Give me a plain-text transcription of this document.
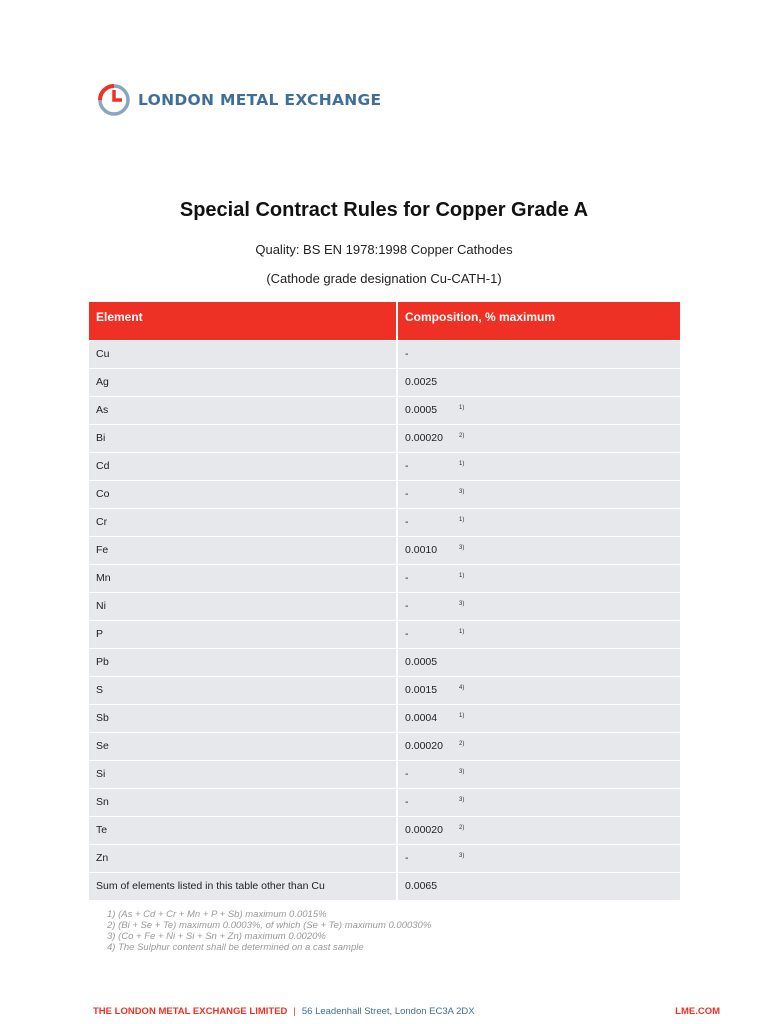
LONDON METAL EXCHANGE
Special Contract Rules for Copper Grade A
Quality: BS EN 1978:1998 Copper Cathodes
(Cathode grade designation Cu-CATH-1)
Element	Composition, % maximum
Cu	-
Ag	0.0025
As	0.0005 $^{1)}$
Bi	0.00020 $^{2)}$
Cd	- $^{1)}$
Co	- $^{3)}$
Cr	- $^{1)}$
Fe	0.0010 $^{3)}$
Mn	- $^{1)}$
Ni	- $^{3)}$
P	- $^{1)}$
Pb	0.0005
S	0.0015 $^{4)}$
Sb	0.0004 $^{1)}$
Se	0.00020 $^{2)}$
Si	- $^{3)}$
Sn	- $^{3)}$
Te	0.00020 $^{2)}$
Zn	- $^{3)}$
Sum of elements listed in this table other than Cu	0.0065
1) (As + Cd + Cr + Mn + P + Sb) maximum 0.0015%
2) (Bi + Se + Te) maximum 0.0003%, of which (Se + Te) maximum 0.00030%
3) (Co + Fe + Ni + Si + Sn + Zn) maximum 0.0020%
4) The Sulphur content shall be determined on a cast sample
THE LONDON METAL EXCHANGE LIMITED | 56 Leadenhall Street, London EC3A 2DX	LME.COM
